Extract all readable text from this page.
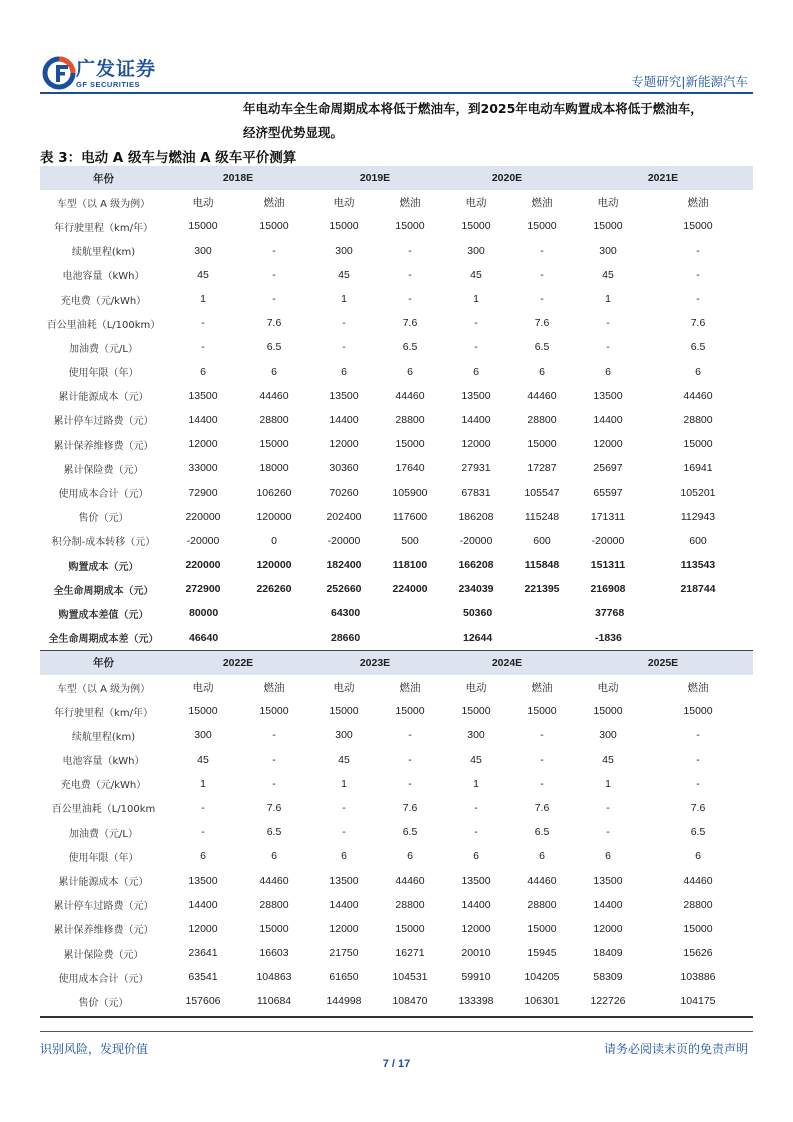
广发证券
GF SECURITIES	专题研究|新能源汽车
年电动车全生命周期成本将低于燃油车，到2025年电动车购置成本将低于燃油车，
经济型优势显现。
表 3：电动 A 级车与燃油 A 级车平价测算
年份	2018E		2019E		2020E		2021E	
车型（以 A 级为例）	电动	燃油	电动	燃油	电动	燃油	电动	燃油
年行驶里程（km/年）	15000	15000	15000	15000	15000	15000	15000	15000
续航里程(km)	300	-	300	-	300	-	300	-
电池容量（kWh）	45	-	45	-	45	-	45	-
充电费（元/kWh）	1	-	1	-	1	-	1	-
百公里油耗（L/100km）	-	7.6	-	7.6	-	7.6	-	7.6
加油费（元/L）	-	6.5	-	6.5	-	6.5	-	6.5
使用年限（年）	6	6	6	6	6	6	6	6
累计能源成本（元）	13500	44460	13500	44460	13500	44460	13500	44460
累计停车过路费（元）	14400	28800	14400	28800	14400	28800	14400	28800
累计保养维修费（元）	12000	15000	12000	15000	12000	15000	12000	15000
累计保险费（元）	33000	18000	30360	17640	27931	17287	25697	16941
使用成本合计（元）	72900	106260	70260	105900	67831	105547	65597	105201
售价（元）	220000	120000	202400	117600	186208	115248	171311	112943
积分制-成本转移（元）	-20000	0	-20000	500	-20000	600	-20000	600
购置成本（元）	220000	120000	182400	118100	166208	115848	151311	113543
全生命周期成本（元）	272900	226260	252660	224000	234039	221395	216908	218744
购置成本差值（元）	80000		64300		50360		37768	
全生命周期成本差（元）	46640		28660		12644		-1836	
年份	2022E		2023E		2024E		2025E	
车型（以 A 级为例）	电动	燃油	电动	燃油	电动	燃油	电动	燃油
年行驶里程（km/年）	15000	15000	15000	15000	15000	15000	15000	15000
续航里程(km)	300	-	300	-	300	-	300	-
电池容量（kWh）	45	-	45	-	45	-	45	-
充电费（元/kWh）	1	-	1	-	1	-	1	-
百公里油耗（L/100km	-	7.6	-	7.6	-	7.6	-	7.6
加油费（元/L）	-	6.5	-	6.5	-	6.5	-	6.5
使用年限（年）	6	6	6	6	6	6	6	6
累计能源成本（元）	13500	44460	13500	44460	13500	44460	13500	44460
累计停车过路费（元）	14400	28800	14400	28800	14400	28800	14400	28800
累计保养维修费（元）	12000	15000	12000	15000	12000	15000	12000	15000
累计保险费（元）	23641	16603	21750	16271	20010	15945	18409	15626
使用成本合计（元）	63541	104863	61650	104531	59910	104205	58309	103886
售价（元）	157606	110684	144998	108470	133398	106301	122726	104175
识别风险，发现价值	请务必阅读末页的免责声明
7 / 17
